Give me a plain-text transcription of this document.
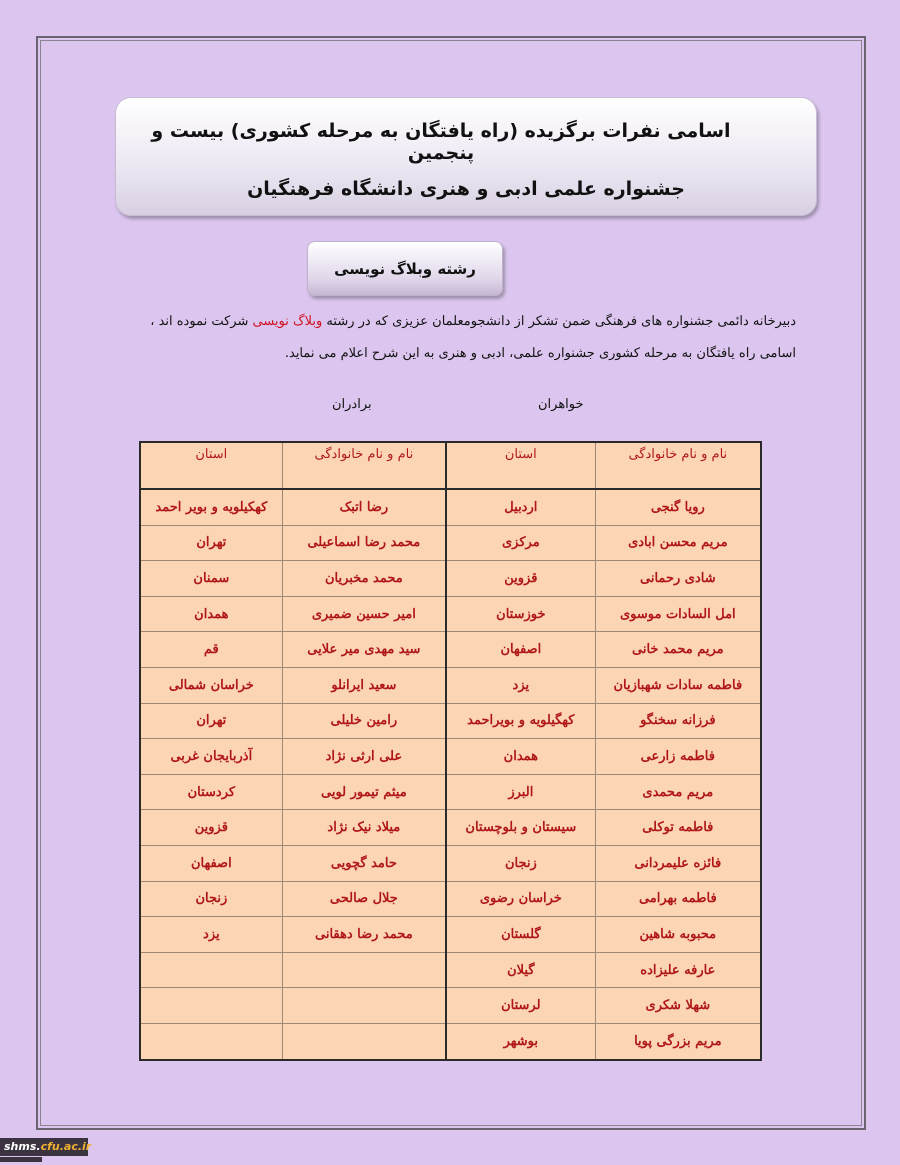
اسامی نفرات برگزیده (راه یافتگان به مرحله کشوری) بیست و پنجمین
جشنواره علمی ادبی و هنری دانشگاه فرهنگیان
رشته وبلاگ نویسی
دبیرخانه دائمی جشنواره های فرهنگی ضمن تشکر از دانشجومعلمان عزیزی که در رشته وبلاگ نویسی شرکت نموده اند ،
اسامی راه یافتگان به مرحله کشوری جشنواره علمی، ادبی و هنری به این شرح اعلام می نمايد.
خواهران
برادران
نام و نام خانوادگی	استان	نام و نام خانوادگی	استان
رویا گنجی	اردبیل	رضا اتبک	کهکیلویه و بویر احمد
مریم محسن ابادی	مرکزی	محمد رضا اسماعیلی	تهران
شادی رحمانی	قزوین	محمد مخبریان	سمنان
امل السادات موسوی	خوزستان	امیر حسین ضمیری	همدان
مریم محمد خانی	اصفهان	سید مهدی میر علایی	قم
فاطمه سادات شهبازیان	یزد	سعید ایرانلو	خراسان شمالی
فرزانه سخنگو	کهگیلویه و بویراحمد	رامین خلیلی	تهران
فاطمه زارعی	همدان	علی ارثی نژاد	آذربایجان غربی
مریم محمدی	البرز	میثم تیمور لویی	کردستان
فاطمه توکلی	سیستان و بلوچستان	میلاد نیک نژاد	قزوین
فائزه علیمردانی	زنجان	حامد گچویی	اصفهان
فاطمه بهرامی	خراسان رضوی	جلال صالحی	زنجان
محبوبه شاهین	گلستان	محمد رضا دهقانی	یزد
عارفه علیزاده	گیلان		
شهلا شکری	لرستان		
مریم بزرگی پویا	بوشهر		
shms.cfu.ac.ir
